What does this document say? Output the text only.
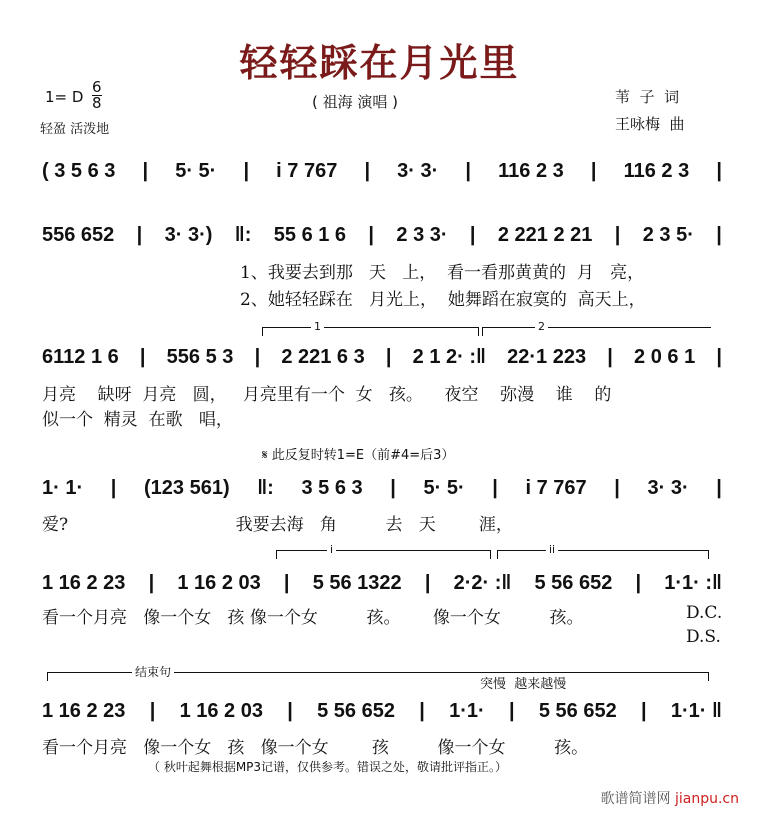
轻轻踩在月光里
1= D
6
8
轻盈 活泼地
( 祖海 演唱 )	苇  子  词
王咏梅  曲
( 3 5 6 3 | 5· 5· | i 7 767 | 3· 3· | 116 2 3 | 116 2 3 |
556 652 | 3· 3·) ‖: 55 6 1 6 | 2 3 3· | 2 221 2 21 | 2 3 5· |
1、我要去到那   天   上，  看一看那黄黄的  月   亮，
2、她轻轻踩在   月光上，  她舞蹈在寂寞的  高天上，
1	2
6112 1 6 | 556 5 3 | 2 221 6 3 | 2 1 2· :‖ 22·1 223 | 2 0 6 1 |
月亮    缺呀  月亮   圆，   月亮里有一个  女   孩。    夜空    弥漫    谁    的
似一个  精灵  在歌   唱，
𝄋 此反复时转1=E（前#4=后3）
1· 1· | (123 561) ‖: 3 5 6 3 | 5· 5· | i 7 767 | 3· 3· |
爱?                               我要去海   角         去   天        涯，
i	ii
1 16 2 23 | 1 16 2 03 | 5 56 1322 | 2·2· :‖ 5 56 652 | 1·1· :‖
看一个月亮   像一个女   孩 像一个女         孩。      像一个女         孩。	D.C.
D.S.
结束句
突慢  越来越慢
1 16 2 23 | 1 16 2 03 | 5 56 652 | 1·1· | 5 56 652 | 1·1· ‖
看一个月亮   像一个女   孩   像一个女        孩         像一个女         孩。
（ 秋叶起舞根据MP3记谱，仅供参考。错误之处，敬请批评指正。）
歌谱简谱网 jianpu.cn
